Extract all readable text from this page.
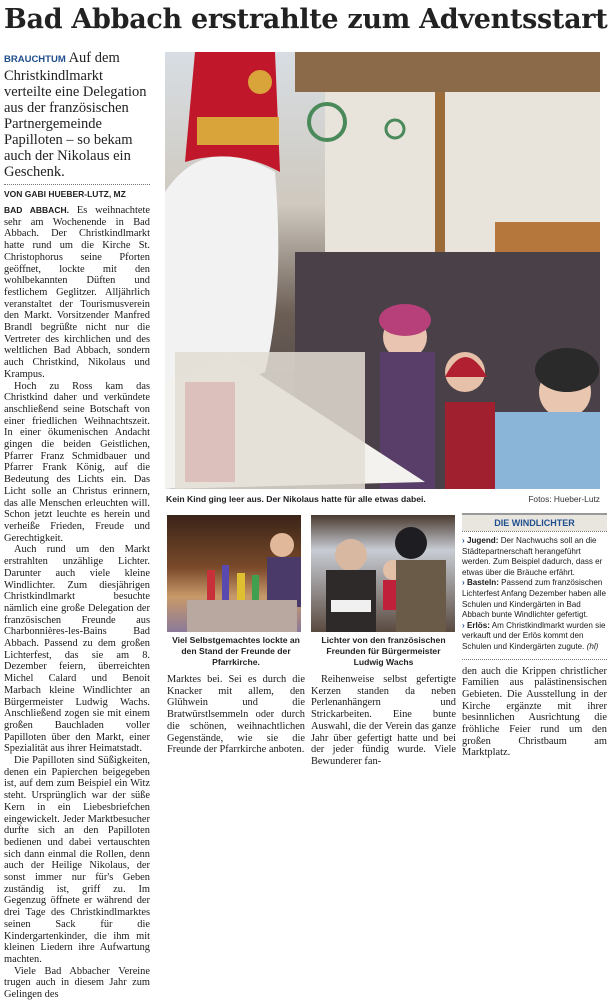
Bad Abbach erstrahlte zum Adventsstart
BRAUCHTUM Auf dem Christkindlmarkt verteilte eine Delegation aus der französischen Partnergemeinde Papilloten – so bekam auch der Nikolaus ein Geschenk.
VON GABI HUEBER-LUTZ, MZ

BAD ABBACH. Es weihnachtete sehr am Wochenende in Bad Abbach. Der Christkindlmarkt hatte rund um die Kirche St. Christophorus seine Pforten geöffnet, lockte mit den wohlbekannten Düften und festlichem Geglitzer. Alljährlich veranstaltet der Tourismusverein den Markt. Vorsitzender Manfred Brandl begrüßte nicht nur die Vertreter des kirchlichen und des weltlichen Bad Abbach, sondern auch Christkind, Nikolaus und Krampus.

Hoch zu Ross kam das Christkind daher und verkündete anschließend seine Botschaft von einer friedlichen Weihnachtszeit. In einer ökumenischen Andacht gingen die beiden Geistlichen, Pfarrer Franz Schmidbauer und Pfarrer Frank König, auf die Bedeutung des Lichts ein. Das Licht solle an Christus erinnern, das alle Menschen erleuchten will. Schon jetzt leuchte es herein und verheiße Frieden, Freude und Gerechtigkeit.

Auch rund um den Markt erstrahlten unzählige Lichter. Darunter auch viele kleine Windlichter. Zum diesjährigen Christkindlmarkt besuchte nämlich eine große Delegation der französischen Freunde aus Charbonnières-les-Bains Bad Abbach. Passend zu dem großen Lichterfest, das sie am 8. Dezember feiern, überreichten Michel Calard und Benoit Marbach kleine Windlichter an Bürgermeister Ludwig Wachs. Anschließend zogen sie mit einem großen Bauchladen voller Papilloten über den Markt, einer Spezialität aus ihrer Heimatstadt.

Die Papilloten sind Süßigkeiten, denen ein Papierchen beigegeben ist, auf dem zum Beispiel ein Witz steht. Ursprünglich war der süße Kern in ein Liebesbriefchen eingewickelt. Jeder Marktbesucher durfte sich an den Papilloten bedienen und dabei vertauschten sich dann einmal die Rollen, denn auch der Heilige Nikolaus, der sonst immer nur für's Geben zuständig ist, griff zu. Im Gegenzug öffnete er während der drei Tage des Christkindlmarktes seinen Sack für die Kindergartenkinder, die ihm mit kleinen Liedern ihre Aufwartung machten.

Viele Bad Abbacher Vereine trugen auch in diesem Jahr zum Gelingen des

Kein Kind ging leer aus. Der Nikolaus hatte für alle etwas dabei.	Fotos: Hueber-Lutz
Viel Selbstgemachtes lockte an den Stand der Freunde der Pfarrkirche.

Marktes bei. Sei es durch die Knacker mit allem, den Glühwein und die Bratwürstlsemmeln oder durch die schönen, weihnachtlichen Gegenstände, wie sie die Freunde der Pfarrkirche anboten.

Lichter von den französischen Freunden für Bürgermeister Ludwig Wachs

Reihenweise selbst gefertigte Kerzen standen da neben Perlenanhängern und Strickarbeiten. Eine bunte Auswahl, die der Verein das ganze Jahr über gefertigt hatte und bei der jeder fündig wurde. Viele Bewunderer fan-

DIE WINDLICHTER
› Jugend: Der Nachwuchs soll an die Städtepartnerschaft herangeführt werden. Zum Beispiel dadurch, dass er etwas über die Bräuche erfährt.
› Basteln: Passend zum französischen Lichterfest Anfang Dezember haben alle Schulen und Kindergärten in Bad Abbach bunte Windlichter gefertigt.
› Erlös: Am Christkindlmarkt wurden sie verkauft und der Erlös kommt den Schulen und Kindergärten zugute. (hl)

den auch die Krippen christlicher Familien aus palästinensischen Gebieten. Die Ausstellung in der Kirche ergänzte mit ihrer besinnlichen Ausrichtung die fröhliche Feier rund um den großen Christbaum am Marktplatz.
